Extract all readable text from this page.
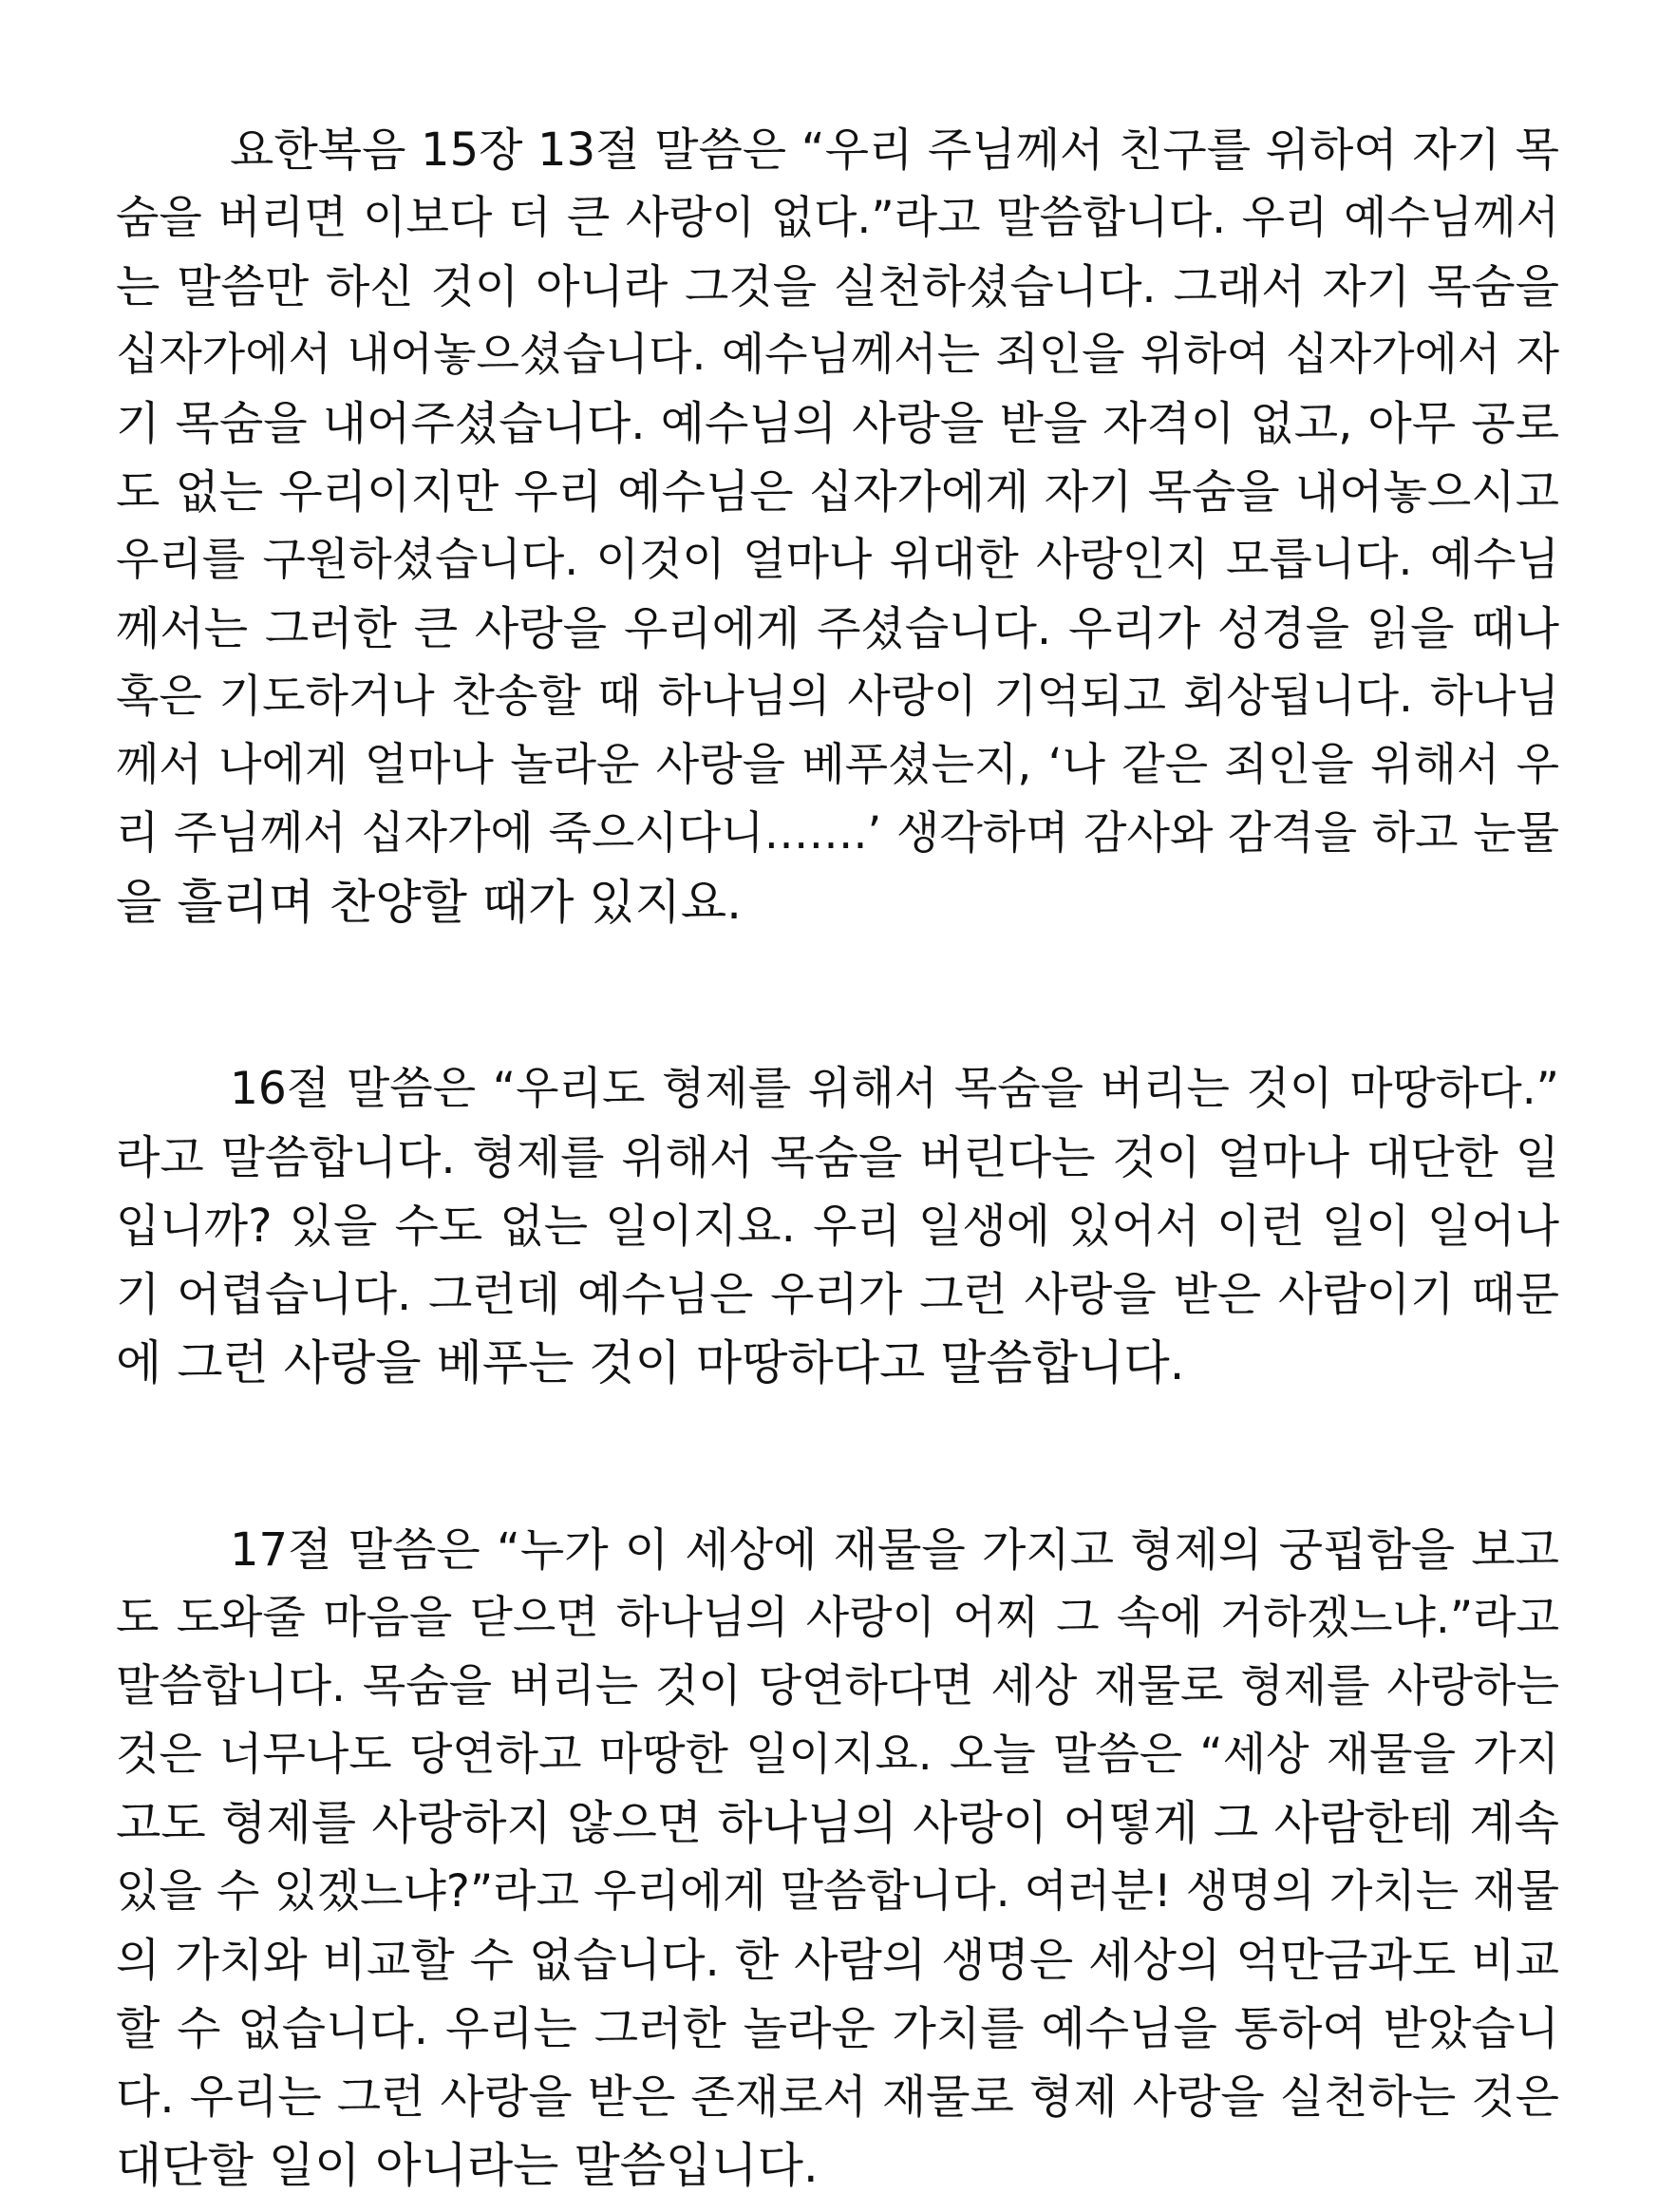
요한복음 15장 13절 말씀은 “우리 주님께서 친구를 위하여 자기 목
숨을 버리면 이보다 더 큰 사랑이 없다.”라고 말씀합니다. 우리 예수님께서
는 말씀만 하신 것이 아니라 그것을 실천하셨습니다. 그래서 자기 목숨을
십자가에서 내어놓으셨습니다. 예수님께서는 죄인을 위하여 십자가에서 자
기 목숨을 내어주셨습니다. 예수님의 사랑을 받을 자격이 없고, 아무 공로
도 없는 우리이지만 우리 예수님은 십자가에게 자기 목숨을 내어놓으시고
우리를 구원하셨습니다. 이것이 얼마나 위대한 사랑인지 모릅니다. 예수님
께서는 그러한 큰 사랑을 우리에게 주셨습니다. 우리가 성경을 읽을 때나
혹은 기도하거나 찬송할 때 하나님의 사랑이 기억되고 회상됩니다. 하나님
께서 나에게 얼마나 놀라운 사랑을 베푸셨는지, ‘나 같은 죄인을 위해서 우
리 주님께서 십자가에 죽으시다니…….’ 생각하며 감사와 감격을 하고 눈물
을 흘리며 찬양할 때가 있지요.
16절 말씀은 “우리도 형제를 위해서 목숨을 버리는 것이 마땅하다.”
라고 말씀합니다. 형제를 위해서 목숨을 버린다는 것이 얼마나 대단한 일
입니까? 있을 수도 없는 일이지요. 우리 일생에 있어서 이런 일이 일어나
기 어렵습니다. 그런데 예수님은 우리가 그런 사랑을 받은 사람이기 때문
에 그런 사랑을 베푸는 것이 마땅하다고 말씀합니다.
17절 말씀은 “누가 이 세상에 재물을 가지고 형제의 궁핍함을 보고
도 도와줄 마음을 닫으면 하나님의 사랑이 어찌 그 속에 거하겠느냐.”라고
말씀합니다. 목숨을 버리는 것이 당연하다면 세상 재물로 형제를 사랑하는
것은 너무나도 당연하고 마땅한 일이지요. 오늘 말씀은 “세상 재물을 가지
고도 형제를 사랑하지 않으면 하나님의 사랑이 어떻게 그 사람한테 계속
있을 수 있겠느냐?”라고 우리에게 말씀합니다. 여러분! 생명의 가치는 재물
의 가치와 비교할 수 없습니다. 한 사람의 생명은 세상의 억만금과도 비교
할 수 없습니다. 우리는 그러한 놀라운 가치를 예수님을 통하여 받았습니
다. 우리는 그런 사랑을 받은 존재로서 재물로 형제 사랑을 실천하는 것은
대단할 일이 아니라는 말씀입니다.
